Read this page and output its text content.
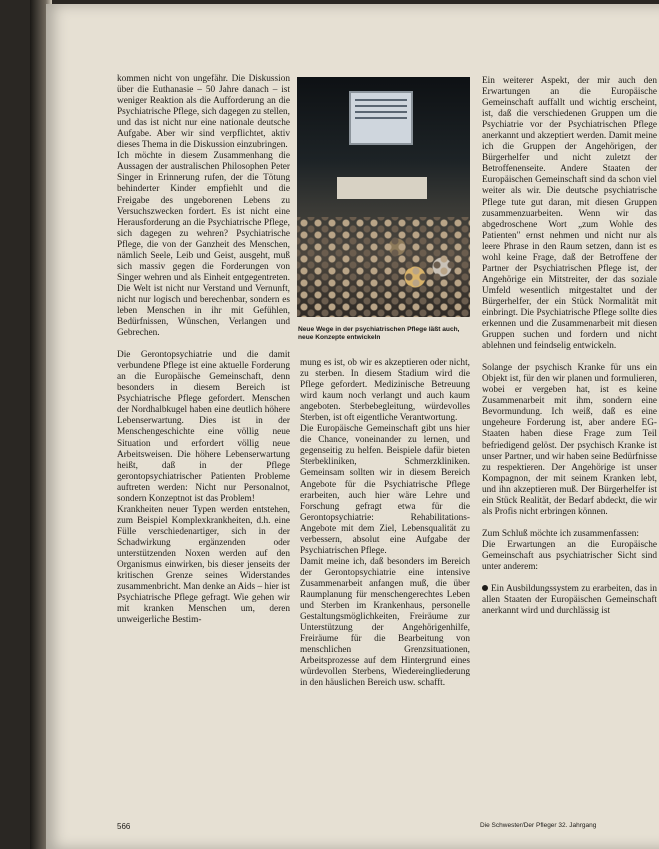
kommen nicht von ungefähr. Die Diskussion über die Euthanasie – 50 Jahre danach – ist weniger Reaktion als die Aufforderung an die Psychiatrische Pflege, sich dagegen zu stellen, und das ist nicht nur eine nationale deutsche Aufgabe. Aber wir sind verpflichtet, aktiv dieses Thema in die Diskussion einzubringen.

Ich möchte in diesem Zusammenhang die Aussagen der australischen Philosophen Peter Singer in Erinnerung rufen, der die Tötung behinderter Kinder empfiehlt und die Freigabe des ungeborenen Lebens zu Versuchszwecken fordert. Es ist nicht eine Herausforderung an die Psychiatrische Pflege, sich dagegen zu wehren? Psychiatrische Pflege, die von der Ganzheit des Menschen, nämlich Seele, Leib und Geist, ausgeht, muß sich massiv gegen die Forderungen von Singer wehren und als Einheit entgegentreten. Die Welt ist nicht nur Verstand und Vernunft, nicht nur logisch und berechenbar, sondern es leben Menschen in ihr mit Gefühlen, Bedürfnissen, Wünschen, Verlangen und Gebrechen.

Die Gerontopsychiatrie und die damit verbundene Pflege ist eine aktuelle Forderung an die Europäische Gemeinschaft, denn besonders in diesem Bereich ist Psychiatrische Pflege gefordert. Menschen der Nordhalbkugel haben eine deutlich höhere Lebenserwartung. Dies ist in der Menschengeschichte eine völlig neue Situation und erfordert völlig neue Arbeitsweisen. Die höhere Lebenserwartung heißt, daß in der Pflege gerontopsychiatrischer Patienten Probleme auftreten werden: Nicht nur Personalnot, sondern Konzeptnot ist das Problem!

Krankheiten neuer Typen werden entstehen, zum Beispiel Komplexkrankheiten, d.h. eine Fülle verschiedenartiger, sich in der Schadwirkung ergänzenden oder unterstützenden Noxen werden auf den Organismus einwirken, bis dieser jenseits der kritischen Grenze seines Widerstandes zusammenbricht. Man denke an Aids – hier ist Psychiatrische Pflege gefragt. Wie gehen wir mit kranken Menschen um, deren unweigerliche Bestim-

Neue Wege in der psychiatrischen Pflege läßt auch, neue Konzepte entwickeln

mung es ist, ob wir es akzeptieren oder nicht, zu sterben. In diesem Stadium wird die Pflege gefordert. Medizinische Betreuung wird kaum noch verlangt und auch kaum angeboten. Sterbebegleitung, würdevolles Sterben, ist oft eigentliche Verantwortung.

Die Europäische Gemeinschaft gibt uns hier die Chance, voneinander zu lernen, und gegenseitig zu helfen. Beispiele dafür bieten Sterbekliniken, Schmerzkliniken. Gemeinsam sollten wir in diesem Bereich Angebote für die Psychiatrische Pflege erarbeiten, auch hier wäre Lehre und Forschung gefragt etwa für die Gerontopsychiatrie: Rehabilitations-Angebote mit dem Ziel, Lebensqualität zu verbessern, absolut eine Aufgabe der Psychiatrischen Pflege.

Damit meine ich, daß besonders im Bereich der Gerontopsychiatrie eine intensive Zusammenarbeit anfangen muß, die über Raumplanung für menschengerechtes Leben und Sterben im Krankenhaus, personelle Gestaltungsmöglichkeiten, Freiräume zur Unterstützung der Angehörigenhilfe, Freiräume für die Bearbeitung von menschlichen Grenzsituationen, Arbeitsprozesse auf dem Hintergrund eines würdevollen Sterbens, Wiedereingliederung in den häuslichen Bereich usw. schafft.

Ein weiterer Aspekt, der mir auch den Erwartungen an die Europäische Gemeinschaft auffallt und wichtig erscheint, ist, daß die verschiedenen Gruppen um die Psychiatrie vor der Psychiatrischen Pflege anerkannt und akzeptiert werden. Damit meine ich die Gruppen der Angehörigen, der Bürgerhelfer und nicht zuletzt der Betroffenenseite. Andere Staaten der Europäischen Gemeinschaft sind da schon viel weiter als wir. Die deutsche psychiatrische Pflege tute gut daran, mit diesen Gruppen zusammenzuarbeiten. Wenn wir das abgedroschene Wort „zum Wohle des Patienten" ernst nehmen und nicht nur als leere Phrase in den Raum setzen, dann ist es wohl keine Frage, daß der Betroffene der Partner der Psychiatrischen Pflege ist, der Angehörige ein Mitstreiter, der das soziale Umfeld wesentlich mitgestaltet und der Bürgerhelfer, der ein Stück Normalität mit einbringt. Die Psychiatrische Pflege sollte dies erkennen und die Zusammenarbeit mit diesen Gruppen suchen und fordern und nicht ablehnen und feindselig entwickeln.

Solange der psychisch Kranke für uns ein Objekt ist, für den wir planen und formulieren, wobei er vergeben hat, ist es keine Zusammenarbeit mit ihm, sondern eine Bevormundung. Ich weiß, daß es eine ungeheure Forderung ist, aber andere EG-Staaten haben diese Frage zum Teil befriedigend gelöst. Der psychisch Kranke ist unser Partner, und wir haben seine Bedürfnisse zu respektieren. Der Angehörige ist unser Kompagnon, der mit seinem Kranken lebt, und ihn akzeptieren muß. Der Bürgerhelfer ist ein Stück Realität, der Bedarf abdeckt, die wir als Profis nicht erbringen können.

Zum Schluß möchte ich zusammenfassen:

Die Erwartungen an die Europäische Gemeinschaft aus psychiatrischer Sicht sind unter anderem:

Ein Ausbildungssystem zu erarbeiten, das in allen Staaten der Europäischen Gemeinschaft anerkannt wird und durchlässig ist

566	Die Schwester/Der Pfleger 32. Jahrgang
